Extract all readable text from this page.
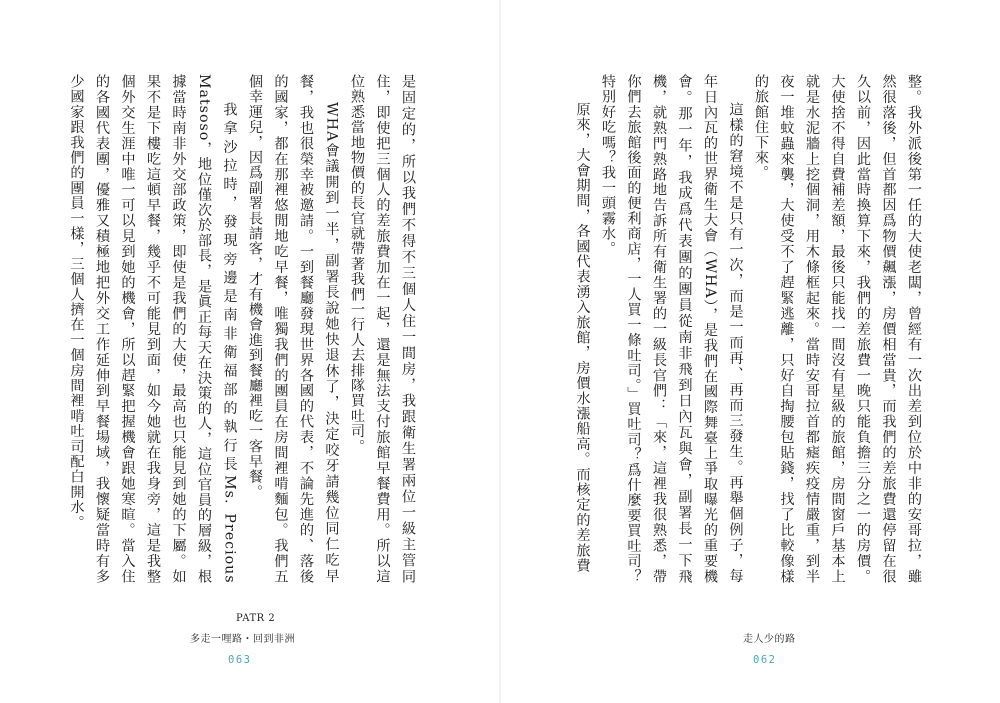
是固定的，所以我們不得不三個人住一間房，我跟衛生署兩位一級主管同住，即使把三個人的差旅費加在一起，還是無法支付旅館早餐費用。所以這位熟悉當地物價的長官就帶著我們一行人去排隊買吐司。

WHA會議開到一半，副署長說她快退休了，決定咬牙請幾位同仁吃早餐，我也很榮幸被邀請。一到餐廳發現世界各國的代表，不論先進的、落後的國家，都在那裡悠閒地吃早餐，唯獨我們的團員在房間裡啃麵包。我們五個幸運兒，因爲副署長請客，才有機會進到餐廳裡吃一客早餐。

我拿沙拉時，發現旁邊是南非衛福部的執行長Ms. Precious Matsoso，地位僅次於部長，是眞正每天在決策的人，這位官員的層級，根據當時南非外交部政策，即使是我們的大使，最高也只能見到她的下屬。如果不是下樓吃這頓早餐，幾乎不可能見到面，如今她就在我身旁，這是我整個外交生涯中唯一可以見到她的機會，所以趕緊把握機會跟她寒暄。當入住的各國代表團，優雅又積極地把外交工作延伸到早餐場域，我懷疑當時有多少國家跟我們的團員一樣，三個人擠在一個房間裡啃吐司配白開水。

PATR 2
多走一哩路・回到非洲
063

整。我外派後第一任的大使老闆，曾經有一次出差到位於中非的安哥拉，雖然很落後，但首都因爲物價飆漲，房價相當貴，而我們的差旅費還停留在很久以前，因此當時換算下來，我們的差旅費一晚只能負擔三分之一的房價。大使捨不得自費補差額，最後只能找一間沒有星級的旅館，房間窗戶基本上就是水泥牆上挖個洞，用木條框起來。當時安哥拉首都瘧疾疫情嚴重，到半夜一堆蚊蟲來襲，大使受不了趕緊逃離，只好自掏腰包貼錢，找了比較像樣的旅館住下來。

這樣的窘境不是只有一次，而是一而再、再而三發生。再舉個例子，每年日內瓦的世界衛生大會（WHA），是我們在國際舞臺上爭取曝光的重要機會。那一年，我成爲代表團的團員從南非飛到日內瓦與會，副署長一下飛機，就熟門熟路地告訴所有衛生署的一級長官們：「來，這裡我很熟悉，帶你們去旅館後面的便利商店，一人買一條吐司。」買吐司？爲什麼要買吐司？特別好吃嗎？我一頭霧水。

原來，大會期間，各國代表湧入旅館，房價水漲船高。而核定的差旅費

走人少的路
062
